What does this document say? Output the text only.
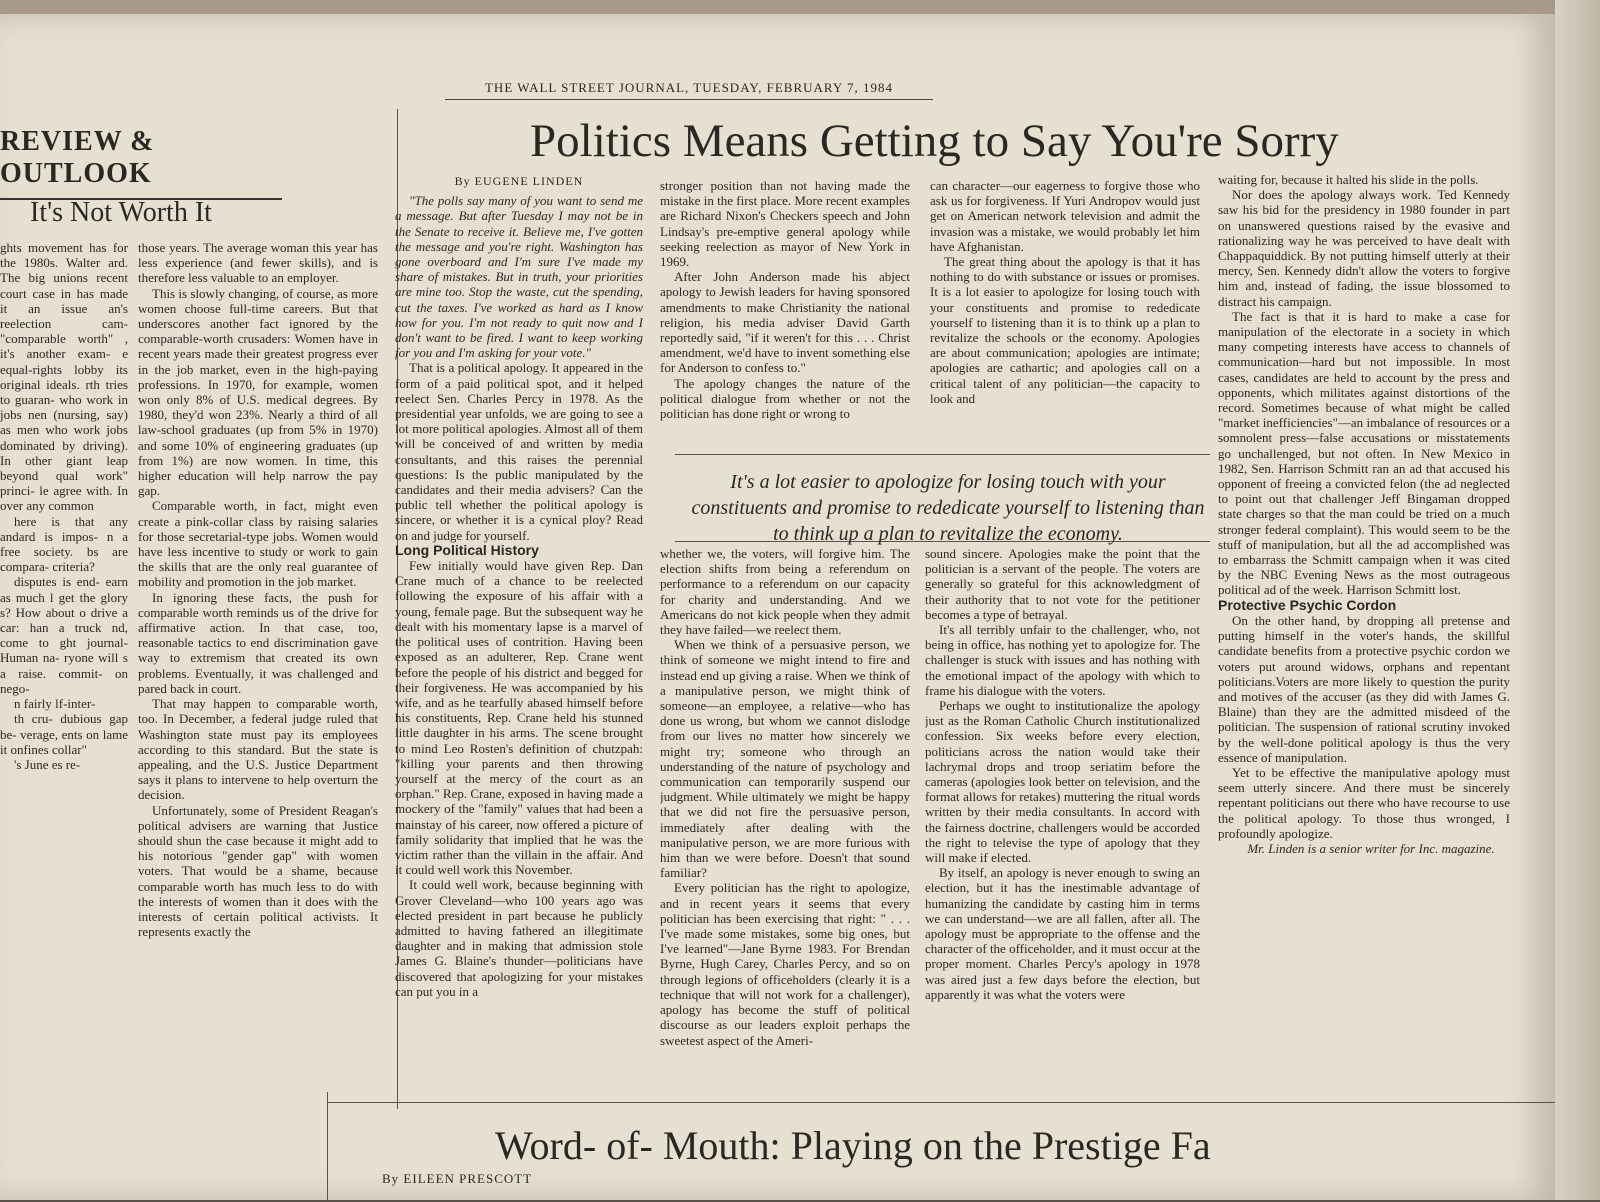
THE WALL STREET JOURNAL, TUESDAY, FEBRUARY 7, 1984
REVIEW & OUTLOOK
It's Not Worth It
Politics Means Getting to Say You're Sorry

ghts movement has for the 1980s. Walter ard. The big unions recent court case in has made it an issue an's reelection cam- "comparable worth" , it's another exam- e equal-rights lobby its original ideals. rth tries to guaran- who work in jobs nen (nursing, say) as men who work jobs dominated by driving). In other giant leap beyond qual work" princi- le agree with. In over any common

here is that any andard is impos- n a free society. bs are compara- criteria?

disputes is end- earn as much l get the glory s? How about o drive a car: han a truck nd, come to ght journal- Human na- ryone will s a raise. commit- on nego-

n fairly lf-inter-

th cru- dubious gap be- verage, ents on lame it onfines collar"

's June es re-

those years. The average woman this year has less experience (and fewer skills), and is therefore less valuable to an employer.

This is slowly changing, of course, as more women choose full-time careers. But that underscores another fact ignored by the comparable-worth crusaders: Women have in recent years made their greatest progress ever in the job market, even in the high-paying professions. In 1970, for example, women won only 8% of U.S. medical degrees. By 1980, they'd won 23%. Nearly a third of all law-school graduates (up from 5% in 1970) and some 10% of engineering graduates (up from 1%) are now women. In time, this higher education will help narrow the pay gap.

Comparable worth, in fact, might even create a pink-collar class by raising salaries for those secretarial-type jobs. Women would have less incentive to study or work to gain the skills that are the only real guarantee of mobility and promotion in the job market.

In ignoring these facts, the push for comparable worth reminds us of the drive for affirmative action. In that case, too, reasonable tactics to end discrimination gave way to extremism that created its own problems. Eventually, it was challenged and pared back in court.

That may happen to comparable worth, too. In December, a federal judge ruled that Washington state must pay its employees according to this standard. But the state is appealing, and the U.S. Justice Department says it plans to intervene to help overturn the decision.

Unfortunately, some of President Reagan's political advisers are warning that Justice should shun the case because it might add to his notorious "gender gap" with women voters. That would be a shame, because comparable worth has much less to do with the interests of women than it does with the interests of certain political activists. It represents exactly the

By EUGENE LINDEN

"The polls say many of you want to send me a message. But after Tuesday I may not be in the Senate to receive it. Believe me, I've gotten the message and you're right. Washington has gone overboard and I'm sure I've made my share of mistakes. But in truth, your priorities are mine too. Stop the waste, cut the spending, cut the taxes. I've worked as hard as I know how for you. I'm not ready to quit now and I don't want to be fired. I want to keep working for you and I'm asking for your vote."

That is a political apology. It appeared in the form of a paid political spot, and it helped reelect Sen. Charles Percy in 1978. As the presidential year unfolds, we are going to see a lot more political apologies. Almost all of them will be conceived of and written by media consultants, and this raises the perennial questions: Is the public manipulated by the candidates and their media advisers? Can the public tell whether the political apology is sincere, or whether it is a cynical ploy? Read on and judge for yourself.

Long Political History

Few initially would have given Rep. Dan Crane much of a chance to be reelected following the exposure of his affair with a young, female page. But the subsequent way he dealt with his momentary lapse is a marvel of the political uses of contrition. Having been exposed as an adulterer, Rep. Crane went before the people of his district and begged for their forgiveness. He was accompanied by his wife, and as he tearfully abased himself before his constituents, Rep. Crane held his stunned little daughter in his arms. The scene brought to mind Leo Rosten's definition of chutzpah: "killing your parents and then throwing yourself at the mercy of the court as an orphan." Rep. Crane, exposed in having made a mockery of the "family" values that had been a mainstay of his career, now offered a picture of family solidarity that implied that he was the victim rather than the villain in the affair. And it could well work this November.

It could well work, because beginning with Grover Cleveland—who 100 years ago was elected president in part because he publicly admitted to having fathered an illegitimate daughter and in making that admission stole James G. Blaine's thunder—politicians have discovered that apologizing for your mistakes can put you in a

stronger position than not having made the mistake in the first place. More recent examples are Richard Nixon's Checkers speech and John Lindsay's pre-emptive general apology while seeking reelection as mayor of New York in 1969.

After John Anderson made his abject apology to Jewish leaders for having sponsored amendments to make Christianity the national religion, his media adviser David Garth reportedly said, "if it weren't for this . . . Christ amendment, we'd have to invent something else for Anderson to confess to."

The apology changes the nature of the political dialogue from whether or not the politician has done right or wrong to

whether we, the voters, will forgive him. The election shifts from being a referendum on performance to a referendum on our capacity for charity and understanding. And we Americans do not kick people when they admit they have failed—we reelect them.

When we think of a persuasive person, we think of someone we might intend to fire and instead end up giving a raise. When we think of a manipulative person, we might think of someone—an employee, a relative—who has done us wrong, but whom we cannot dislodge from our lives no matter how sincerely we might try; someone who through an understanding of the nature of psychology and communication can temporarily suspend our judgment. While ultimately we might be happy that we did not fire the persuasive person, immediately after dealing with the manipulative person, we are more furious with him than we were before. Doesn't that sound familiar?

Every politician has the right to apologize, and in recent years it seems that every politician has been exercising that right: " . . . I've made some mistakes, some big ones, but I've learned"—Jane Byrne 1983. For Brendan Byrne, Hugh Carey, Charles Percy, and so on through legions of officeholders (clearly it is a technique that will not work for a challenger), apology has become the stuff of political discourse as our leaders exploit perhaps the sweetest aspect of the Ameri-

can character—our eagerness to forgive those who ask us for forgiveness. If Yuri Andropov would just get on American network television and admit the invasion was a mistake, we would probably let him have Afghanistan.

The great thing about the apology is that it has nothing to do with substance or issues or promises. It is a lot easier to apologize for losing touch with your constituents and promise to rededicate yourself to listening than it is to think up a plan to revitalize the schools or the economy. Apologies are about communication; apologies are intimate; apologies are cathartic; and apologies call on a critical talent of any politician—the capacity to look and

sound sincere. Apologies make the point that the politician is a servant of the people. The voters are generally so grateful for this acknowledgment of their authority that to not vote for the petitioner becomes a type of betrayal.

It's all terribly unfair to the challenger, who, not being in office, has nothing yet to apologize for. The challenger is stuck with issues and has nothing with the emotional impact of the apology with which to frame his dialogue with the voters.

Perhaps we ought to institutionalize the apology just as the Roman Catholic Church institutionalized confession. Six weeks before every election, politicians across the nation would take their lachrymal drops and troop seriatim before the cameras (apologies look better on television, and the format allows for retakes) muttering the ritual words written by their media consultants. In accord with the fairness doctrine, challengers would be accorded the right to televise the type of apology that they will make if elected.

By itself, an apology is never enough to swing an election, but it has the inestimable advantage of humanizing the candidate by casting him in terms we can understand—we are all fallen, after all. The apology must be appropriate to the offense and the character of the officeholder, and it must occur at the proper moment. Charles Percy's apology in 1978 was aired just a few days before the election, but apparently it was what the voters were

waiting for, because it halted his slide in the polls.

Nor does the apology always work. Ted Kennedy saw his bid for the presidency in 1980 founder in part on unanswered questions raised by the evasive and rationalizing way he was perceived to have dealt with Chappaquiddick. By not putting himself utterly at their mercy, Sen. Kennedy didn't allow the voters to forgive him and, instead of fading, the issue blossomed to distract his campaign.

The fact is that it is hard to make a case for manipulation of the electorate in a society in which many competing interests have access to channels of communication—hard but not impossible. In most cases, candidates are held to account by the press and opponents, which militates against distortions of the record. Sometimes because of what might be called "market inefficiencies"—an imbalance of resources or a somnolent press—false accusations or misstatements go unchallenged, but not often. In New Mexico in 1982, Sen. Harrison Schmitt ran an ad that accused his opponent of freeing a convicted felon (the ad neglected to point out that challenger Jeff Bingaman dropped state charges so that the man could be tried on a much stronger federal complaint). This would seem to be the stuff of manipulation, but all the ad accomplished was to embarrass the Schmitt campaign when it was cited by the NBC Evening News as the most outrageous political ad of the week. Harrison Schmitt lost.

Protective Psychic Cordon

On the other hand, by dropping all pretense and putting himself in the voter's hands, the skillful candidate benefits from a protective psychic cordon we voters put around widows, orphans and repentant politicians.Voters are more likely to question the purity and motives of the accuser (as they did with James G. Blaine) than they are the admitted misdeed of the politician. The suspension of rational scrutiny invoked by the well-done political apology is thus the very essence of manipulation.

Yet to be effective the manipulative apology must seem utterly sincere. And there must be sincerely repentant politicians out there who have recourse to use the political apology. To those thus wronged, I profoundly apologize.

Mr. Linden is a senior writer for Inc. magazine.

It's a lot easier to apologize for losing touch with your constituents and promise to rededicate yourself to listening than to think up a plan to revitalize the economy.
Word- of- Mouth: Playing on the Prestige Fa
By EILEEN PRESCOTT
